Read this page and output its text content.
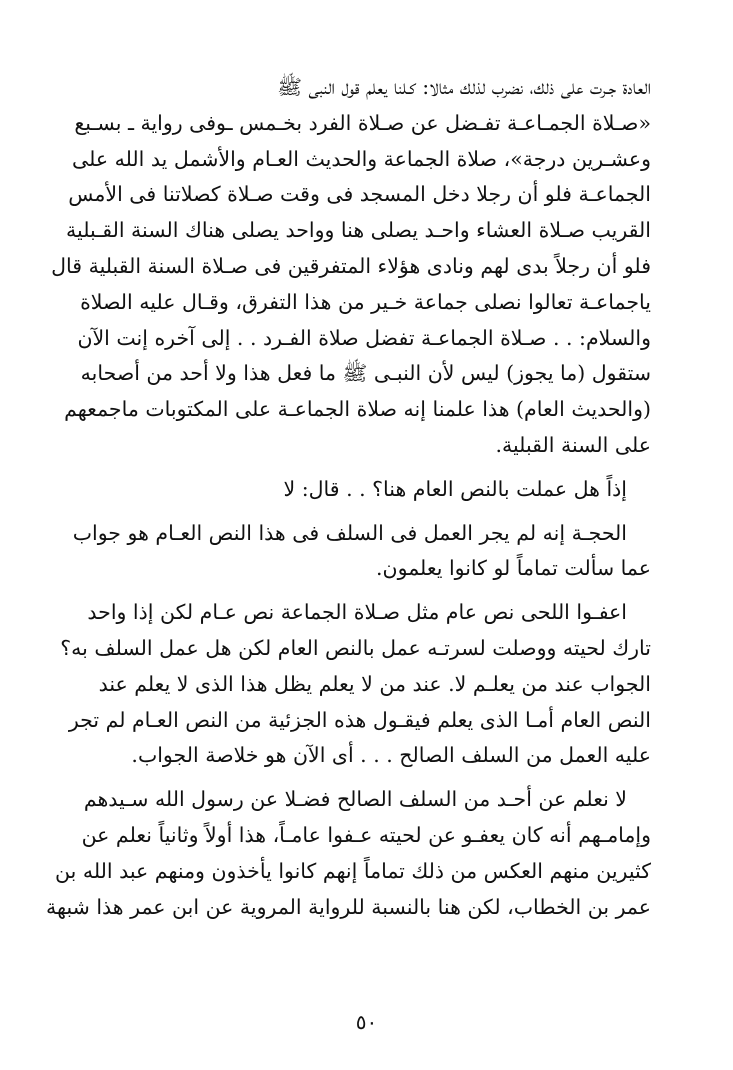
العادة جـرت على ذلك، نضرب لذلك مثالا: كـلنا يعلم قول النبى ﷺ
«صـلاة الجمـاعـة تفـضل عن صـلاة الفرد بخـمس ـوفى رواية ـ بسـبع
وعشـرين درجة»، صلاة الجماعة والحديث العـام والأشمل يد الله على
الجماعـة فلو أن رجلا دخل المسجد فى وقت صـلاة كصلاتنا فى الأمس
القريب صـلاة العشاء واحـد يصلى هنا وواحد يصلى هناك السنة القـبلية
فلو أن رجلاً بدى لهم ونادى هؤلاء المتفرقين فى صـلاة السنة القبلية قال
ياجماعـة تعالوا نصلى جماعة خـير من هذا التفرق، وقـال عليه الصلاة
والسلام: . . صـلاة الجماعـة تفضل صلاة الفـرد . . إلى آخره إنت الآن
ستقول (ما يجوز) ليس لأن النبـى ﷺ ما فعل هذا ولا أحد من أصحابه
(والحديث العام) هذا علمنا إنه صلاة الجماعـة على المكتوبات ماجمعهم
على السنة القبلية.
إذاً هل عملت بالنص العام هنا؟ . . قال: لا
الحجـة إنه لم يجر العمل فى السلف فى هذا النص العـام هو جواب
عما سألت تماماً لو كانوا يعلمون.
اعفـوا اللحى نص عام مثل صـلاة الجماعة نص عـام لكن إذا واحد
تارك لحيته ووصلت لسرتـه عمل بالنص العام لكن هل عمل السلف به؟
الجواب عند من يعلـم لا. عند من لا يعلم يظل هذا الذى لا يعلم عند
النص العام أمـا الذى يعلم فيقـول هذه الجزئية من النص العـام لم تجر
عليه العمل من السلف الصالح . . . أى الآن هو خلاصة الجواب.
لا نعلم عن أحـد من السلف الصالح فضـلا عن رسول الله سـيدهم
وإمامـهم أنه كان يعفـو عن لحيته عـفوا عامـاً، هذا أولاً وثانياً نعلم عن
كثيرين منهم العكس من ذلك تماماً إنهم كانوا يأخذون ومنهم عبد الله بن
عمر بن الخطاب، لكن هنا بالنسبة للرواية المروية عن ابن عمر هذا شبهة
٥٠
